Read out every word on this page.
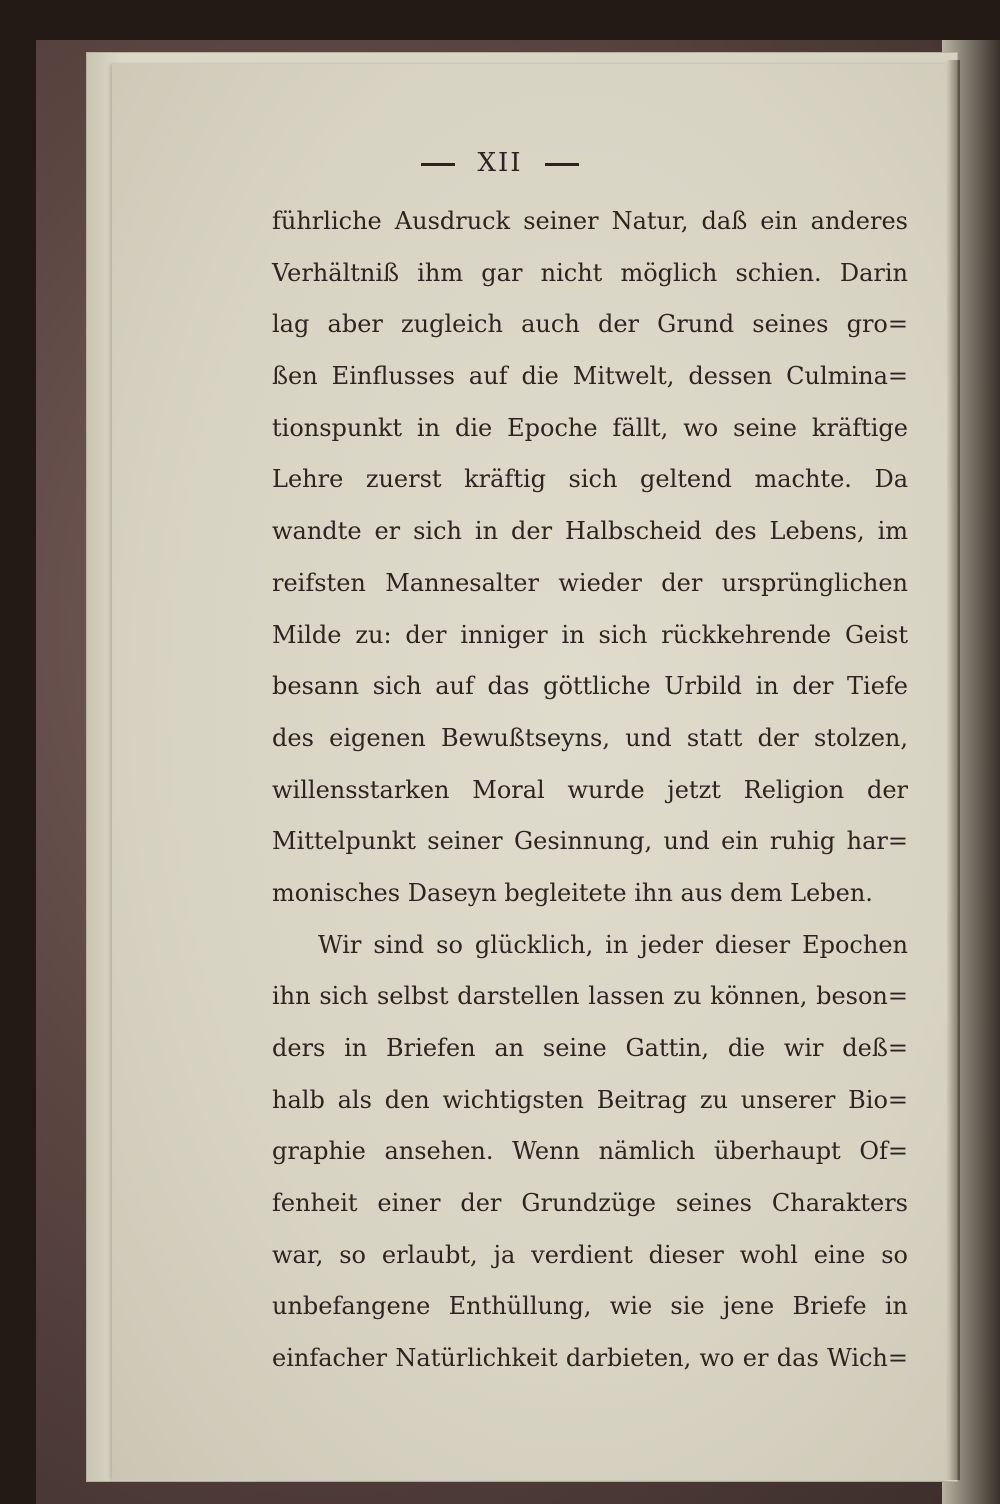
XII
führliche Ausdruck seiner Natur, daß ein anderes
Verhältniß ihm gar nicht möglich schien. Darin
lag aber zugleich auch der Grund seines gro=
ßen Einflusses auf die Mitwelt, dessen Culmina=
tionspunkt in die Epoche fällt, wo seine kräftige
Lehre zuerst kräftig sich geltend machte. Da
wandte er sich in der Halbscheid des Lebens, im
reifsten Mannesalter wieder der ursprünglichen
Milde zu: der inniger in sich rückkehrende Geist
besann sich auf das göttliche Urbild in der Tiefe
des eigenen Bewußtseyns, und statt der stolzen,
willensstarken Moral wurde jetzt Religion der
Mittelpunkt seiner Gesinnung, und ein ruhig har=
monisches Daseyn begleitete ihn aus dem Leben.
Wir sind so glücklich, in jeder dieser Epochen
ihn sich selbst darstellen lassen zu können, beson=
ders in Briefen an seine Gattin, die wir deß=
halb als den wichtigsten Beitrag zu unserer Bio=
graphie ansehen. Wenn nämlich überhaupt Of=
fenheit einer der Grundzüge seines Charakters
war, so erlaubt, ja verdient dieser wohl eine so
unbefangene Enthüllung, wie sie jene Briefe in
einfacher Natürlichkeit darbieten, wo er das Wich=
